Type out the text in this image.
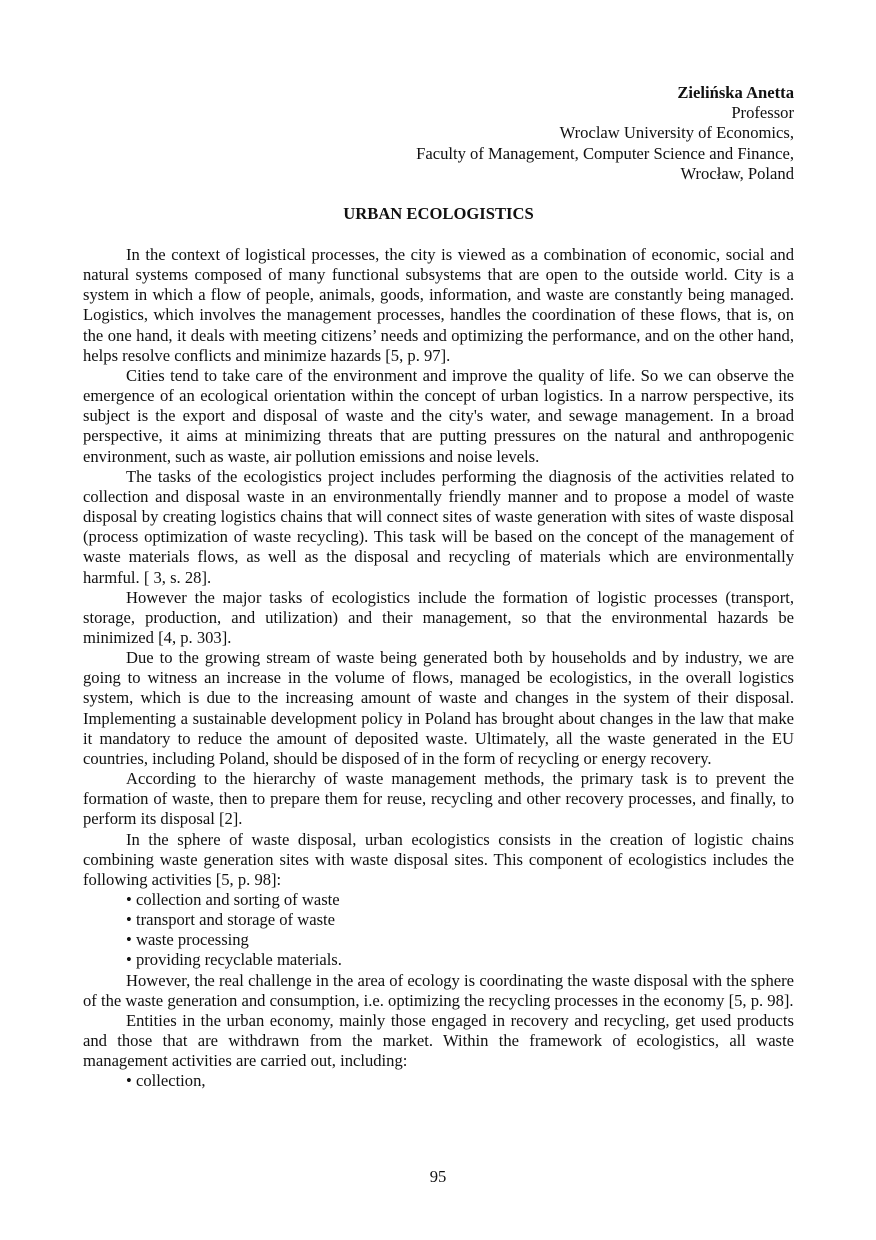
Zielińska Anetta
Professor
Wroclaw University of Economics,
Faculty of Management, Computer Science and Finance,
Wrocław, Poland
URBAN ECOLOGISTICS

In the context of logistical processes, the city is viewed as a combination of economic, social and natural systems composed of many functional subsystems that are open to the outside world. City is a system in which a flow of people, animals, goods, information, and waste are constantly being managed. Logistics, which involves the management processes, handles the coordination of these flows, that is, on the one hand, it deals with meeting citizens’ needs and optimizing the performance, and on the other hand, helps resolve conflicts and minimize hazards [5, p. 97].

Cities tend to take care of the environment and improve the quality of life. So we can observe the emergence of an ecological orientation within the concept of urban logistics. In a narrow perspective, its subject is the export and disposal of waste and the city's water, and sewage management. In a broad perspective, it aims at minimizing threats that are putting pressures on the natural and anthropogenic environment, such as waste, air pollution emissions and noise levels.

The tasks of the ecologistics project includes performing the diagnosis of the activities related to collection and disposal waste in an environmentally friendly manner and to propose a model of waste disposal by creating logistics chains that will connect sites of waste generation with sites of waste disposal (process optimization of waste recycling). This task will be based on the concept of the management of waste materials flows, as well as the disposal and recycling of materials which are environmentally harmful. [ 3, s. 28].

However the major tasks of ecologistics include the formation of logistic processes (transport, storage, production, and utilization) and their management, so that the environmental hazards be minimized [4, p. 303].

Due to the growing stream of waste being generated both by households and by industry, we are going to witness an increase in the volume of flows, managed be ecologistics, in the overall logistics system, which is due to the increasing amount of waste and changes in the system of their disposal. Implementing a sustainable development policy in Poland has brought about changes in the law that make it mandatory to reduce the amount of deposited waste. Ultimately, all the waste generated in the EU countries, including Poland, should be disposed of in the form of recycling or energy recovery.

According to the hierarchy of waste management methods, the primary task is to prevent the formation of waste, then to prepare them for reuse, recycling and other recovery processes, and finally, to perform its disposal [2].

In the sphere of waste disposal, urban ecologistics consists in the creation of logistic chains combining waste generation sites with waste disposal sites. This component of ecologistics includes the following activities [5, p. 98]:

• collection and sorting of waste

• transport and storage of waste

• waste processing

• providing recyclable materials.

However, the real challenge in the area of ecology is coordinating the waste disposal with the sphere of the waste generation and consumption, i.e. optimizing the recycling processes in the economy [5, p. 98].

Entities in the urban economy, mainly those engaged in recovery and recycling, get used products and those that are withdrawn from the market. Within the framework of ecologistics, all waste management activities are carried out, including:

• collection,

95
